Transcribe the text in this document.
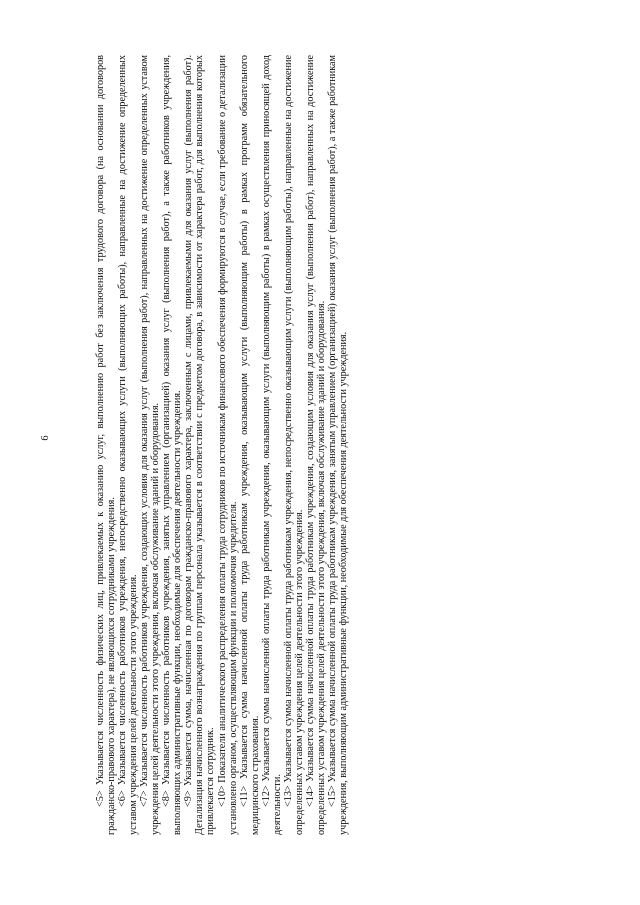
6	<5> Указывается численность физических лиц, привлекаемых к оказанию услуг, выполнению работ без заключения трудового договора (на основании договоров гражданско-правового характера), не являющихся сотрудниками учреждения. <6> Указывается численность работников учреждения, непосредственно оказывающих услуги (выполняющих работы), направленные на достижение определенных уставом учреждения целей деятельности этого учреждения. <7> Указывается численность работников учреждения, создающих условия для оказания услуг (выполнения работ), направленных на достижение определенных уставом учреждения целей деятельности этого учреждения, включая обслуживание зданий и оборудования. <8> Указывается численность работников учреждения, занятых управлением (организацией) оказания услуг (выполнения работ), а также работников учреждения, выполняющих административные функции, необходимые для обеспечения деятельности учреждения. <9> Указывается сумма, начисленная по договорам гражданско-правового характера, заключенным с лицами, привлекаемыми для оказания услуг (выполнения работ). Детализация начисленного вознаграждения по группам персонала указывается в соответствии с предметом договора, в зависимости от характера работ, для выполнения которых привлекается сотрудник. <10> Показатели аналитического распределения оплаты труда сотрудников по источникам финансового обеспечения формируются в случае, если требование о детализации установлено органом, осуществляющим функции и полномочия учредителя. <11> Указывается сумма начисленной оплаты труда работникам учреждения, оказывающим услуги (выполняющим работы) в рамках программ обязательного медицинского страхования. <12> Указывается сумма начисленной оплаты труда работникам учреждения, оказывающим услуги (выполняющим работы) в рамках осуществления приносящей доход деятельности. <13> Указывается сумма начисленной оплаты труда работникам учреждения, непосредственно оказывающим услуги (выполняющим работы), направленные на достижение определенных уставом учреждения целей деятельности этого учреждения. <14> Указывается сумма начисленной оплаты труда работникам учреждения, создающим условия для оказания услуг (выполнения работ), направленных на достижение определенных уставом учреждения целей деятельности этого учреждения, включая обслуживание зданий и оборудования. <15> Указывается сумма начисленной оплаты труда работникам учреждения, занятым управлением (организацией) оказания услуг (выполнения работ), а также работникам учреждения, выполняющим административные функции, необходимые для обеспечения деятельности учреждения.
